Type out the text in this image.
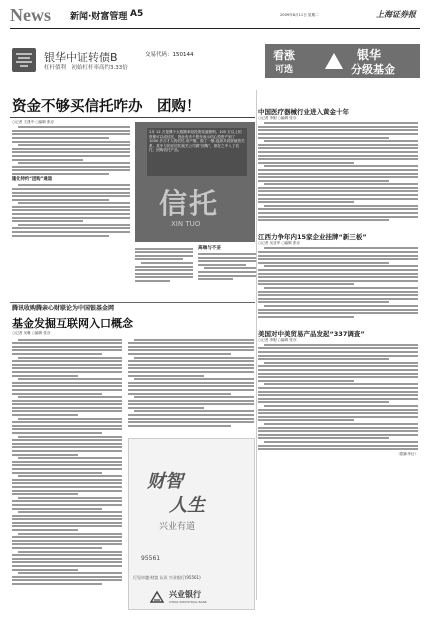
News 新闻·财富管理 A5	2009年8月11日 星期二	上海证券报
银华中证转债B	交易代码：150144
杠杆債利　初始杠杆率高约3.33倍
看涨
可选
银华
分级基金
资金不够买信托咋办　团购！
○记者 王建中 ○编辑 张亦
隆化特约“团购”通道
2月 12 万是偶个大数额率财投资渠道额利。100 万以上的资都可以成信托，因此有多个股东表示信心投资产到了 1000 多万才入的信托-用产额，做了一额-选择共同资就资关系，其中与的应信托就关公司做“团购”，都在之中入了信托，团购信托产品。
信托
XIN TUO
中国医疗器械行业进入黄金十年
○记者 李刚 ○编辑 张亦
江西力争年内15家企业挂牌“新三板”
○记者 吴亚军 ○编辑 张亦
美国对中美贸易产品发起“337调查”
○记者 李刚 ○编辑 张亦
（据新华社）
高端与不妥
腾讯收购腾亲心财联论为中国银基金网
基金发掘互联网入口概念
○记者 吴琳 ○编辑 张亦
财智
人生
兴业有道
95561
行见卓越·财富 认识 兴业银行(95561)
兴业银行
CHINA INDUSTRIAL BANK
